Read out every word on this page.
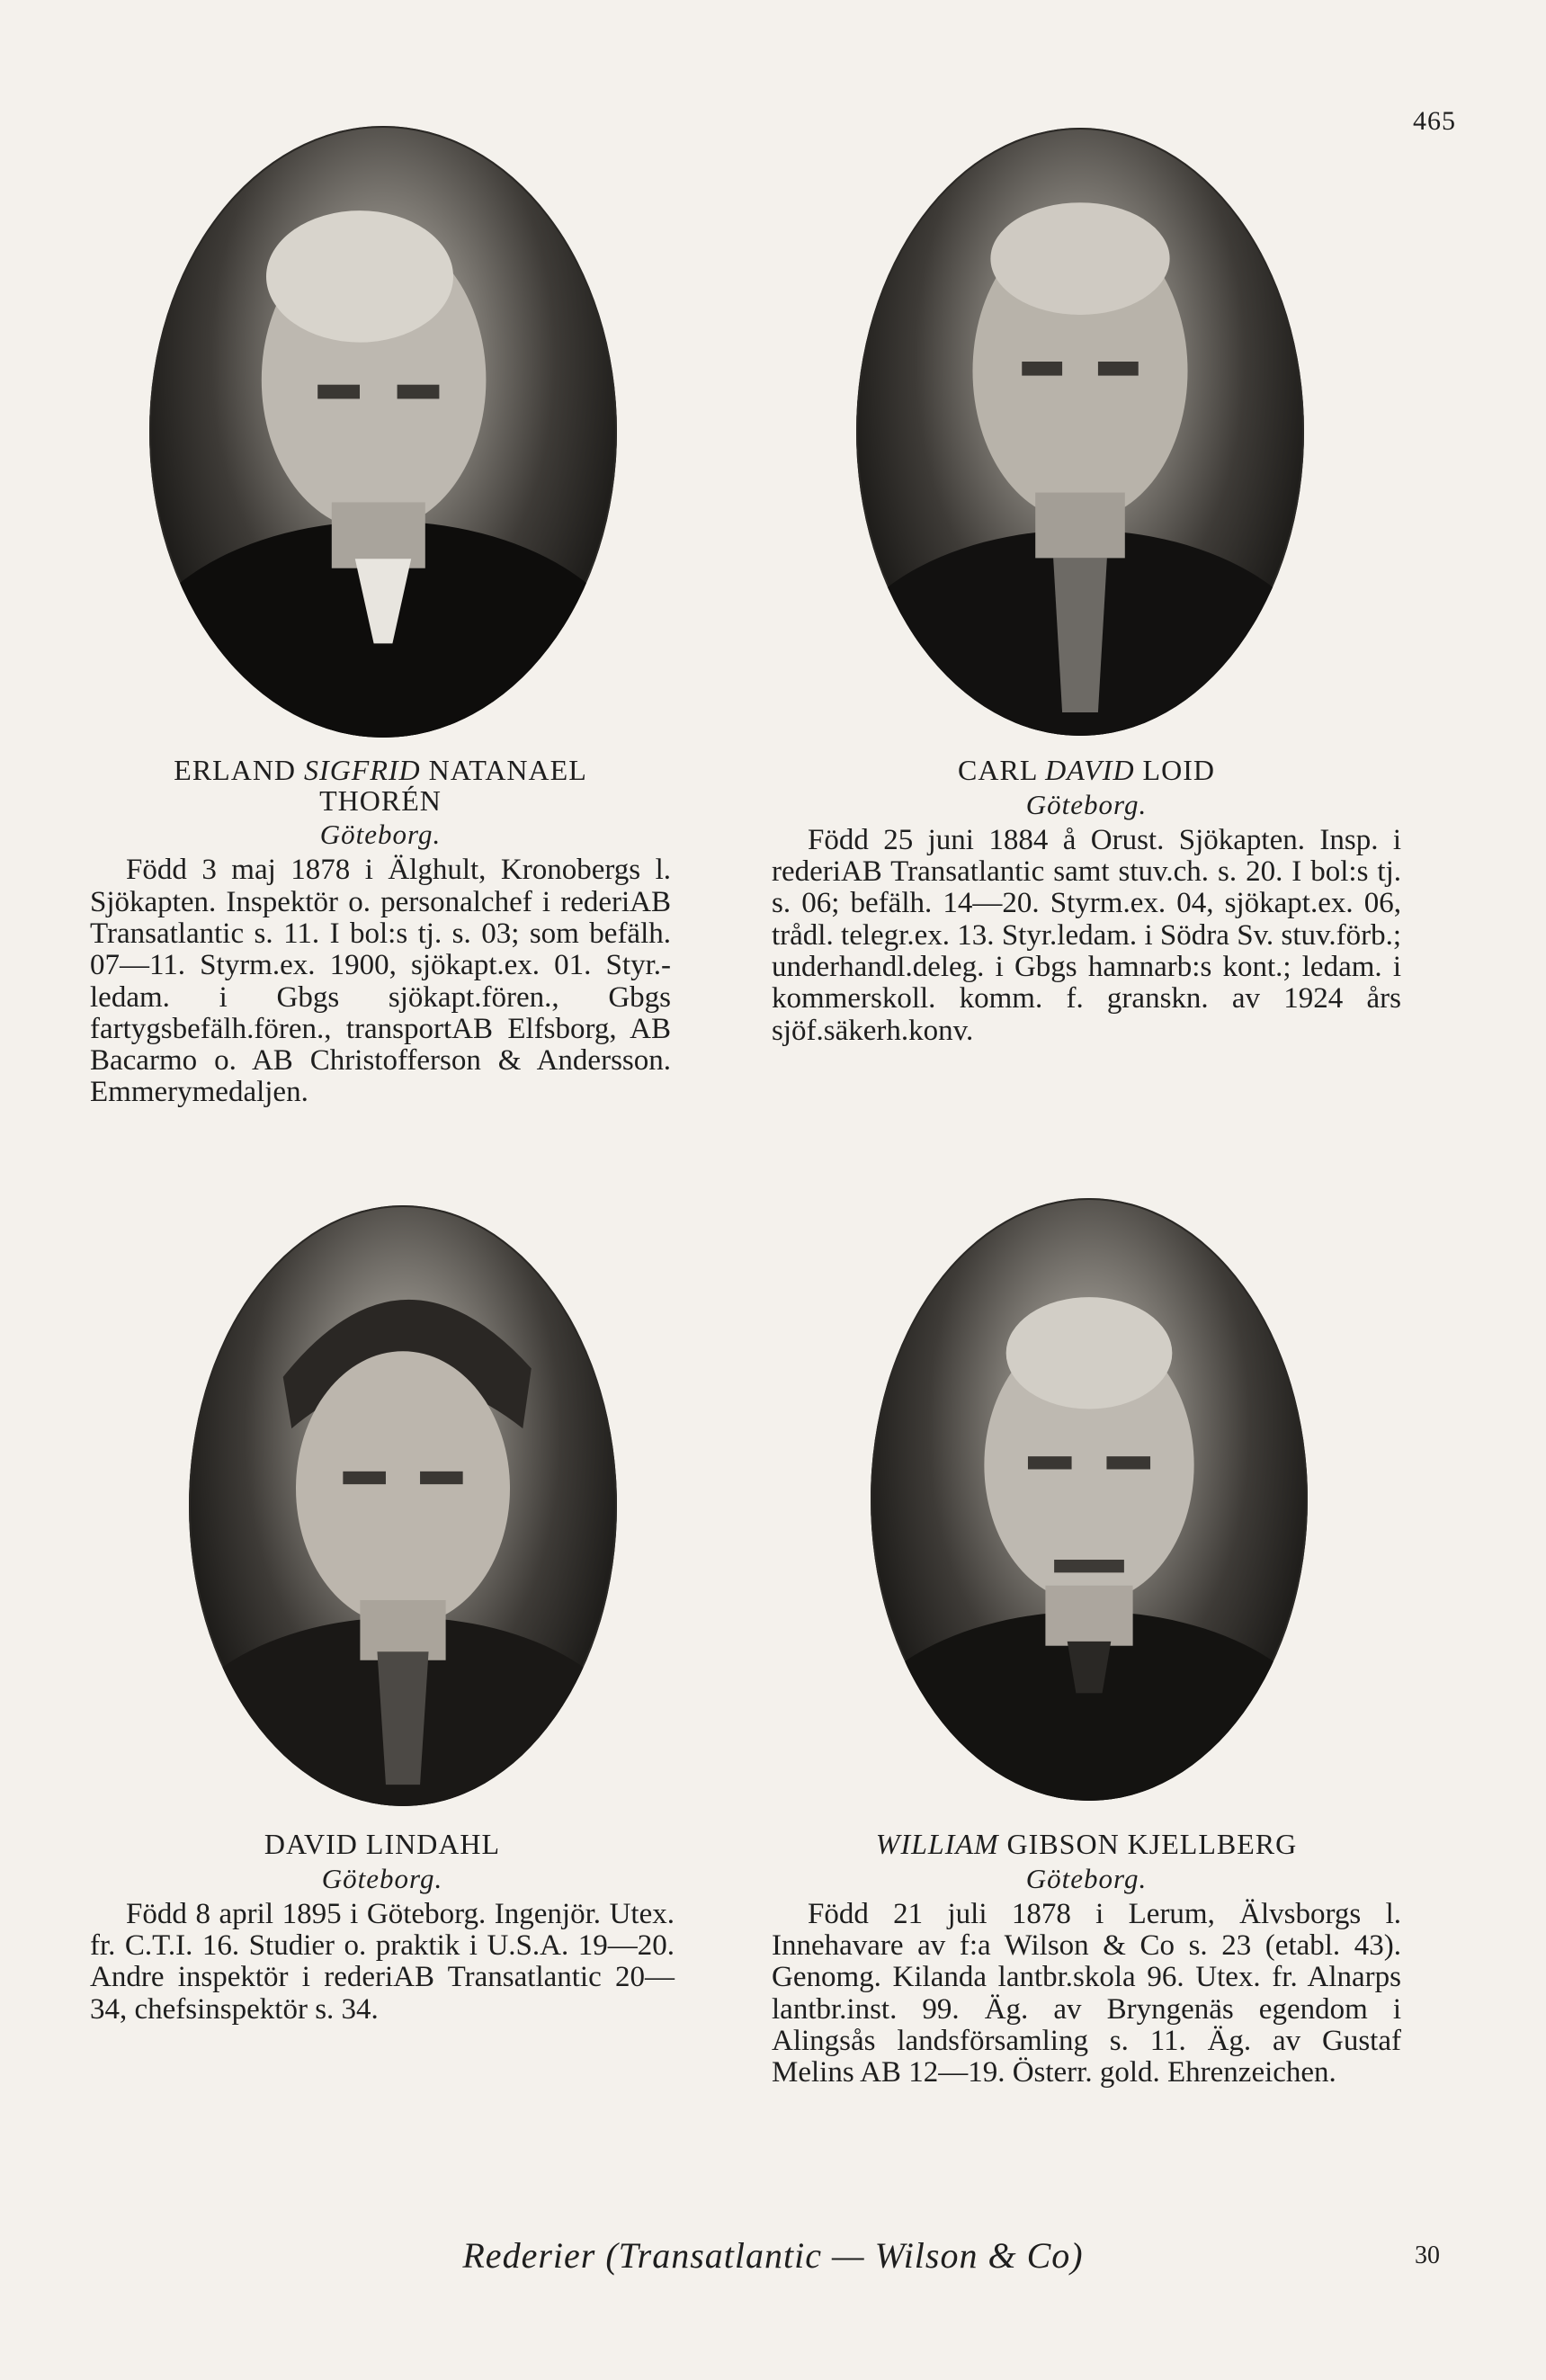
465
ERLAND SIGFRID NATANAEL
THORÉN
Göteborg.
Född 3 maj 1878 i Älghult, Kronobergs l. Sjökapten. Inspektör o. personalchef i rederiAB Transatlantic s. 11. I bol:s tj. s. 03; som befälh. 07—11. Styrm.ex. 1900, sjökapt.ex. 01. Styr.-ledam. i Gbgs sjökapt.fören., Gbgs fartygsbefälh.fören., transportAB Elfsborg, AB Bacarmo o. AB Christofferson & Andersson. Emmerymedaljen.
CARL DAVID LOID
Göteborg.
Född 25 juni 1884 å Orust. Sjökapten. Insp. i rederiAB Transatlantic samt stuv.ch. s. 20. I bol:s tj. s. 06; befälh. 14—20. Styrm.ex. 04, sjökapt.ex. 06, trådl. telegr.ex. 13. Styr.ledam. i Södra Sv. stuv.förb.; underhandl.deleg. i Gbgs hamnarb:s kont.; ledam. i kommerskoll. komm. f. granskn. av 1924 års sjöf.säkerh.konv.
DAVID LINDAHL
Göteborg.
Född 8 april 1895 i Göteborg. Ingenjör. Utex. fr. C.T.I. 16. Studier o. praktik i U.S.A. 19—20. Andre inspektör i rederiAB Transatlantic 20—34, chefsinspektör s. 34.
WILLIAM GIBSON KJELLBERG
Göteborg.
Född 21 juli 1878 i Lerum, Älvsborgs l. Innehavare av f:a Wilson & Co s. 23 (etabl. 43). Genomg. Kilanda lantbr.skola 96. Utex. fr. Alnarps lantbr.inst. 99. Äg. av Bryngenäs egendom i Alingsås landsförsamling s. 11. Äg. av Gustaf Melins AB 12—19. Österr. gold. Ehrenzeichen.
Rederier (Transatlantic — Wilson & Co)	30
